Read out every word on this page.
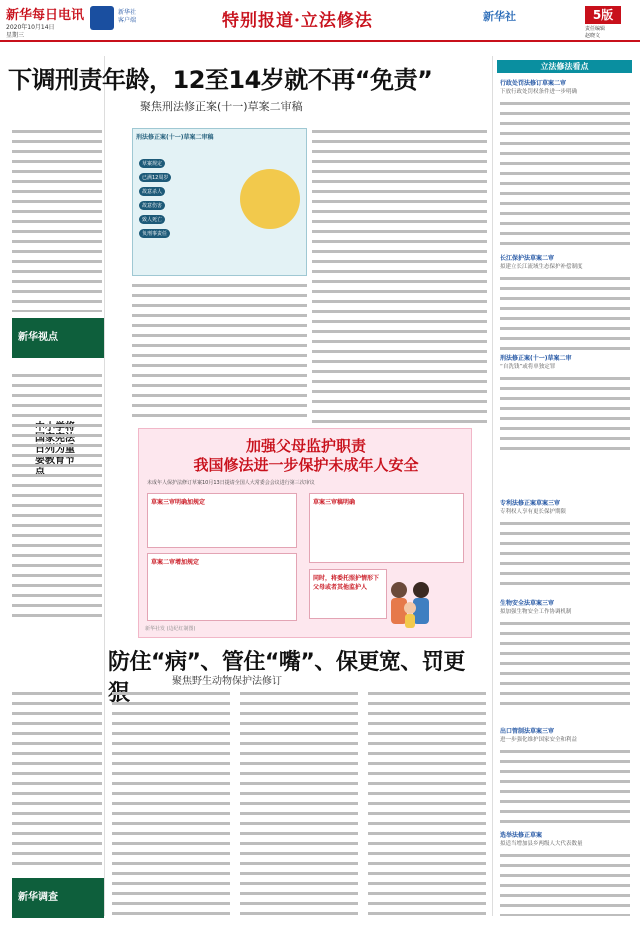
新华每日电讯
2020年10月14日
星期三
新华社
客户端	特别报道·立法修法	新华社	5版
责任编辑
赵晓文
下调刑责年龄，12至14岁就不再“免责”
聚焦刑法修正案(十一)草案二审稿
刑法修正案(十一)草案二审稿
草案规定
已满12周岁
故意杀人
故意伤害
致人死亡
负刑事责任
新华视点
中小学将国家宪法日列为重要教育节点
加强父母监护职责
我国修法进一步保护未成年人安全
未成年人保护法修订草案10月13日提请全国人大常委会会议进行第三次审议
草案三审明确加规定	草案三审稿明确
草案二审增加规定
同时，将委托照护情形下父母或者其他监护人
新华社发 (边纪红制图)
防住“病”、管住“嘴”、保更宽、罚更狠	聚焦野生动物保护法修订
新华调查
立法修法看点
行政处罚法修订草案二审
下放行政处罚权条件进一步明确
长江保护法草案二审
拟建立长江流域生态保护补偿制度
刑法修正案(十一)草案二审
“自洗钱”或将单独定罪
专利法修正案草案三审
专利权人享有更长保护期限
生物安全法草案三审
拟加强生物安全工作协调机制
出口管制法草案三审
进一步强化维护国家安全和利益
选举法修正草案
拟适当增加县乡两级人大代表数量
